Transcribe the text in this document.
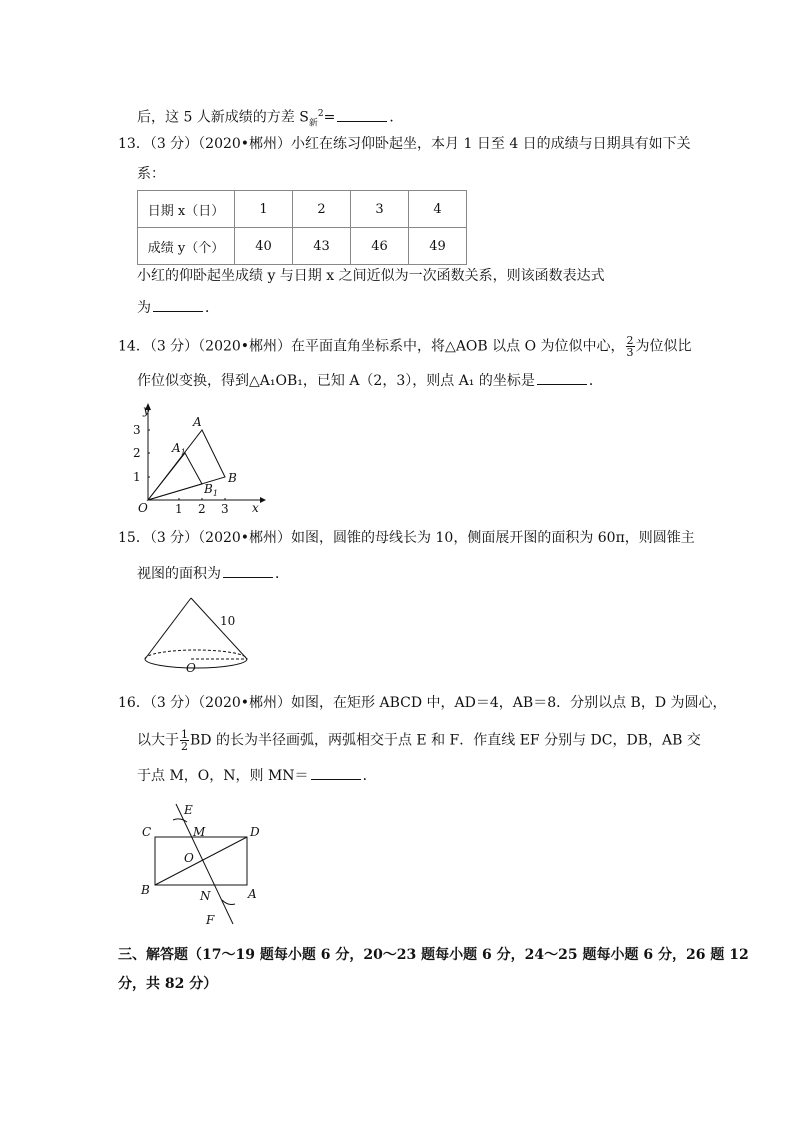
后，这 5 人新成绩的方差 $S_新^2=$	．
13．（3 分）（2020•郴州）小红在练习仰卧起坐，本月 1 日至 4 日的成绩与日期具有如下关
系：
日期 x（日）	1	2	3	4
成绩 y（个）	40	43	46	49
小红的仰卧起坐成绩 y 与日期 x 之间近似为一次函数关系，则该函数表达式
为	．
14．（3 分）（2020•郴州）在平面直角坐标系中，将△AOB 以点 O 为位似中心， $\frac{2}{3}$ 为位似比
作位似变换，得到△A₁OB₁，已知 A（2，3），则点 A₁ 的坐标是	．
y
x
O
3
2
1
1 2 3
A
$A_1$
B
$B_1$
15．（3 分）（2020•郴州）如图，圆锥的母线长为 10，侧面展开图的面积为 60π，则圆锥主
视图的面积为	．
10
O
16．（3 分）（2020•郴州）如图，在矩形 ABCD 中，AD＝4，AB＝8．分别以点 B，D 为圆心，
以大于 $\frac{1}{2}$ BD 的长为半径画弧，两弧相交于点 E 和 F．作直线 EF 分别与 DC，DB，AB 交
于点 M，O，N，则 MN＝	．
E
C	M	D
O
B	N	A
F
三、解答题（17～19 题每小题 6 分，20～23 题每小题 6 分，24～25 题每小题 6 分，26 题 12
分，共 82 分）
